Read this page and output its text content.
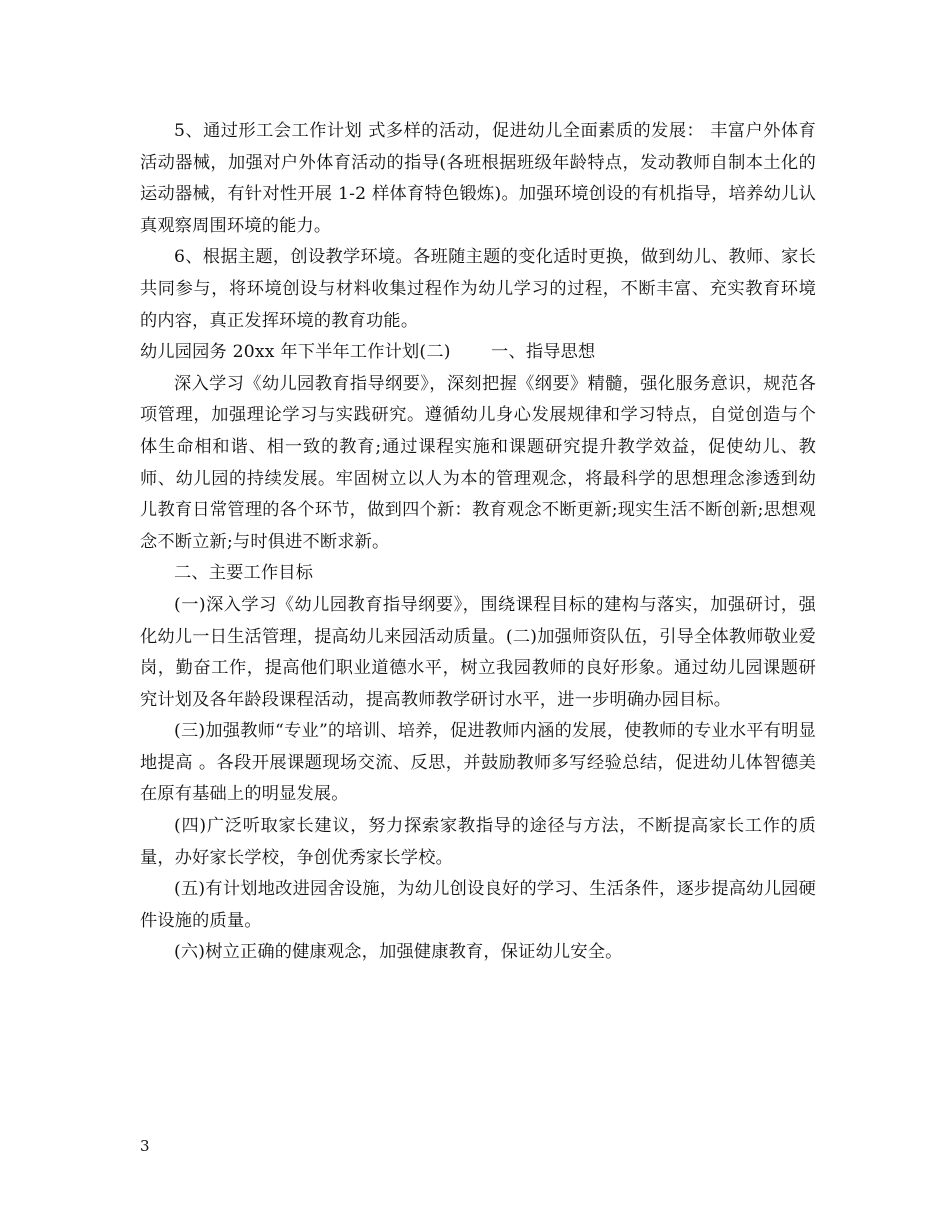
5、通过形工会工作计划 式多样的活动，促进幼儿全面素质的发展： 丰富户外体育活动器械，加强对户外体育活动的指导(各班根据班级年龄特点，发动教师自制本土化的运动器械，有针对性开展 1-2 样体育特色锻炼)。加强环境创设的有机指导，培养幼儿认真观察周围环境的能力。

6、根据主题，创设教学环境。各班随主题的变化适时更换，做到幼儿、教师、家长共同参与，将环境创设与材料收集过程作为幼儿学习的过程，不断丰富、充实教育环境的内容，真正发挥环境的教育功能。

幼儿园园务 20xx 年下半年工作计划(二)　　 一、指导思想

深入学习《幼儿园教育指导纲要》，深刻把握《纲要》精髓，强化服务意识，规范各项管理，加强理论学习与实践研究。遵循幼儿身心发展规律和学习特点，自觉创造与个体生命相和谐、相一致的教育;通过课程实施和课题研究提升教学效益，促使幼儿、教师、幼儿园的持续发展。牢固树立以人为本的管理观念，将最科学的思想理念渗透到幼儿教育日常管理的各个环节，做到四个新：教育观念不断更新;现实生活不断创新;思想观念不断立新;与时俱进不断求新。

二、主要工作目标

(一)深入学习《幼儿园教育指导纲要》，围绕课程目标的建构与落实，加强研讨，强化幼儿一日生活管理，提高幼儿来园活动质量。(二)加强师资队伍，引导全体教师敬业爱岗，勤奋工作，提高他们职业道德水平，树立我园教师的良好形象。通过幼儿园课题研究计划及各年龄段课程活动，提高教师教学研讨水平，进一步明确办园目标。

(三)加强教师“专业”的培训、培养，促进教师内涵的发展，使教师的专业水平有明显地提高 。各段开展课题现场交流、反思，并鼓励教师多写经验总结，促进幼儿体智德美在原有基础上的明显发展。

(四)广泛听取家长建议，努力探索家教指导的途径与方法，不断提高家长工作的质量，办好家长学校，争创优秀家长学校。

(五)有计划地改进园舍设施，为幼儿创设良好的学习、生活条件，逐步提高幼儿园硬件设施的质量。

(六)树立正确的健康观念，加强健康教育，保证幼儿安全。

3
